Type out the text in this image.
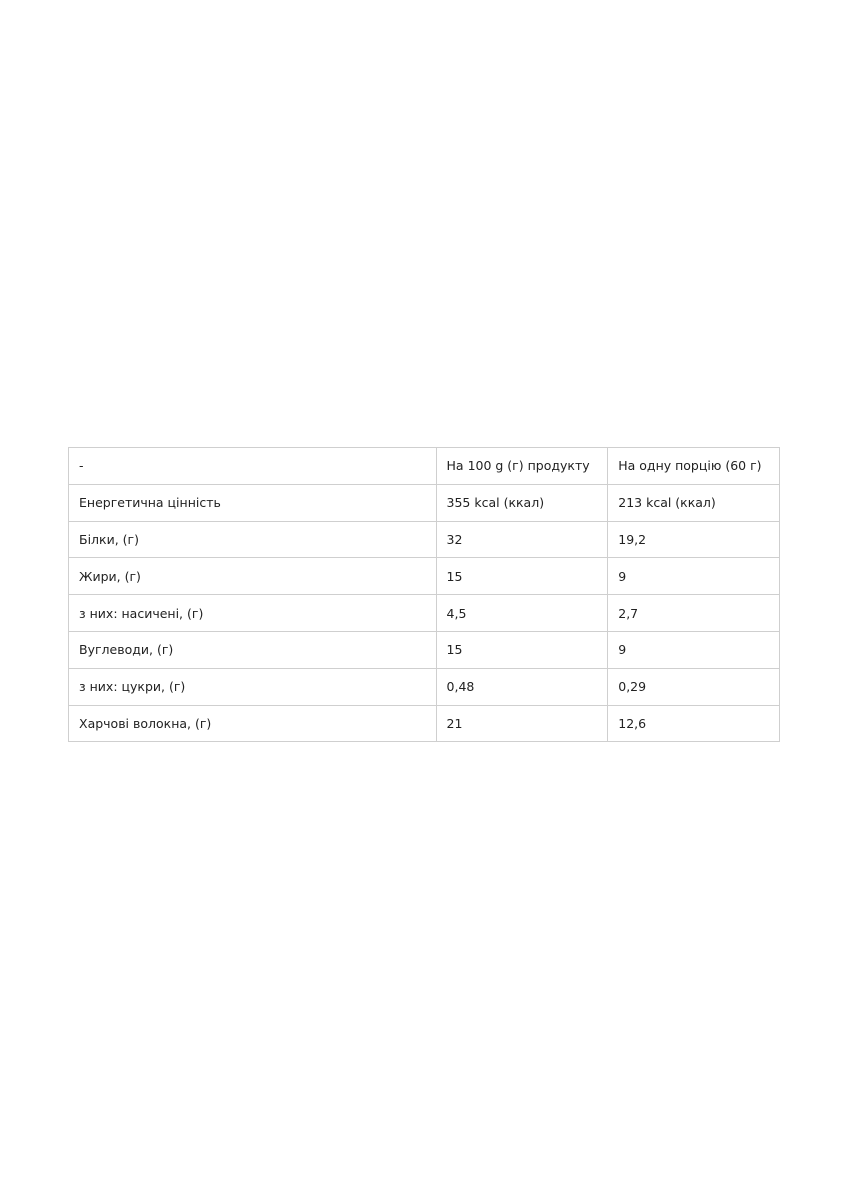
-	На 100 g (г) продукту	На одну порцію (60 г)
Енергетична цінність	355 kcal (ккал)	213 kcal (ккал)
Білки, (г)	32	19,2
Жири, (г)	15	9
з них: насичені, (г)	4,5	2,7
Вуглеводи, (г)	15	9
з них: цукри, (г)	0,48	0,29
Харчові волокна, (г)	21	12,6
